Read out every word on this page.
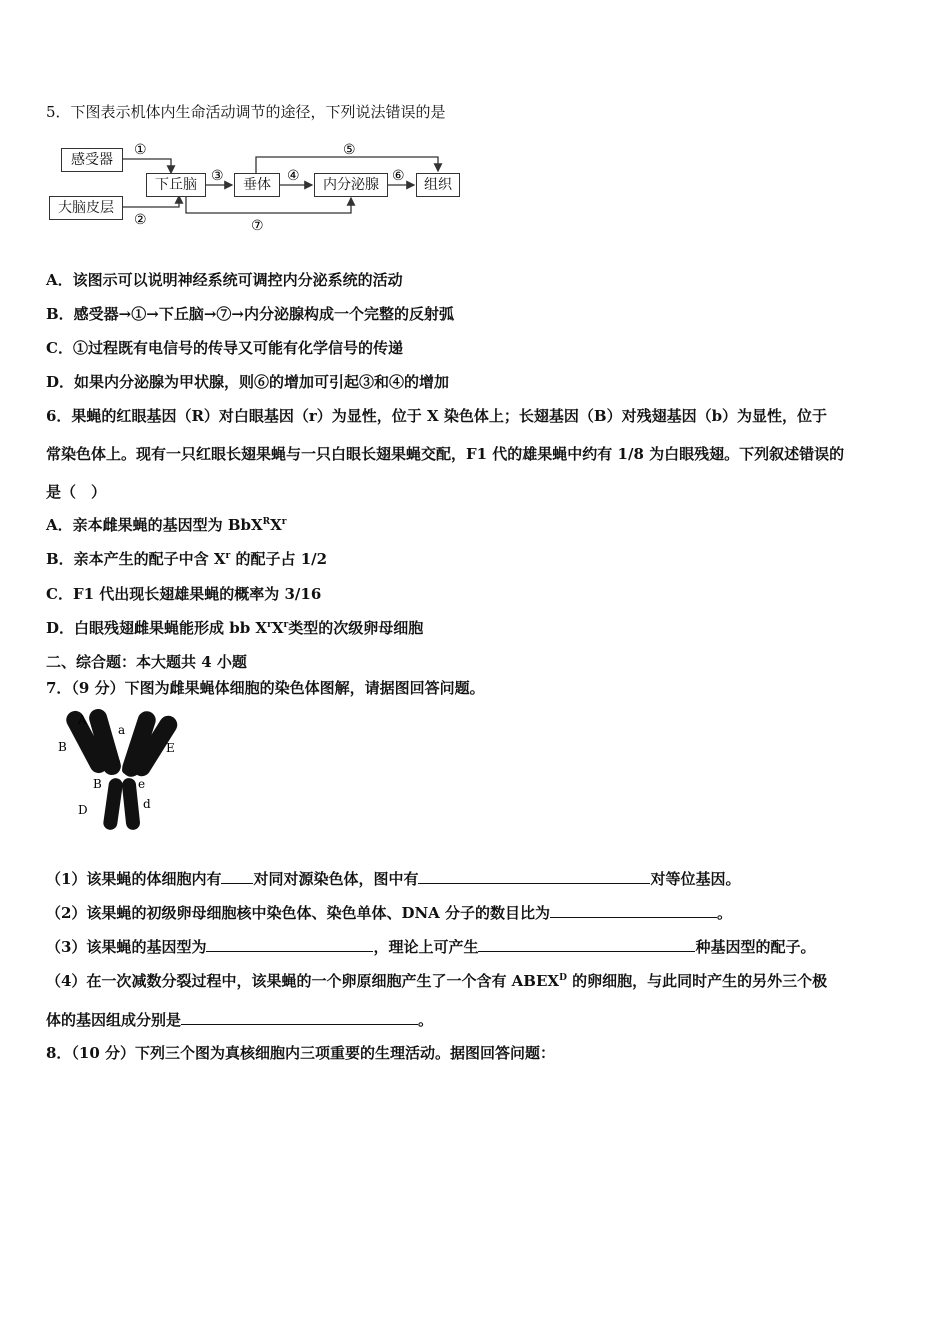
5．下图表示机体内生命活动调节的途径，下列说法错误的是
①
②
③	④
⑤
⑥
⑦
感受器
大脑皮层
下丘脑	垂体	内分泌腺	组织
A．该图示可以说明神经系统可调控内分泌系统的活动
B．感受器→①→下丘脑→⑦→内分泌腺构成一个完整的反射弧
C．①过程既有电信号的传导又可能有化学信号的传递
D．如果内分泌腺为甲状腺，则⑥的增加可引起③和④的增加
6．果蝇的红眼基因（R）对白眼基因（r）为显性，位于 X 染色体上；长翅基因（B）对残翅基因（b）为显性，位于
常染色体上。现有一只红眼长翅果蝇与一只白眼长翅果蝇交配，F1 代的雄果蝇中约有 1/8 为白眼残翅。下列叙述错误的
是（　）
A．亲本雌果蝇的基因型为 $BbX^RX^r$
B．亲本产生的配子中含 $X^r$ 的配子占 1/2
C．F1 代出现长翅雄果蝇的概率为 3/16
D．白眼残翅雌果蝇能形成 bb $X^rX^r$类型的次级卵母细胞
二、综合题：本大题共 4 小题
7．（9 分）下图为雌果蝇体细胞的染色体图解，请据图回答问题。
A
a
B	E
B	e
D	d
（1）该果蝇的体细胞内有 对同对源染色体，图中有	对等位基因。
（2）该果蝇的初级卵母细胞核中染色体、染色单体、DNA 分子的数目比为	。
（3）该果蝇的基因型为	，理论上可产生	种基因型的配子。
（4）在一次减数分裂过程中，该果蝇的一个卵原细胞产生了一个含有 $ABEX^D$ 的卵细胞，与此同时产生的另外三个极
体的基因组成分别是	。
8．（10 分）下列三个图为真核细胞内三项重要的生理活动。据图回答问题：
